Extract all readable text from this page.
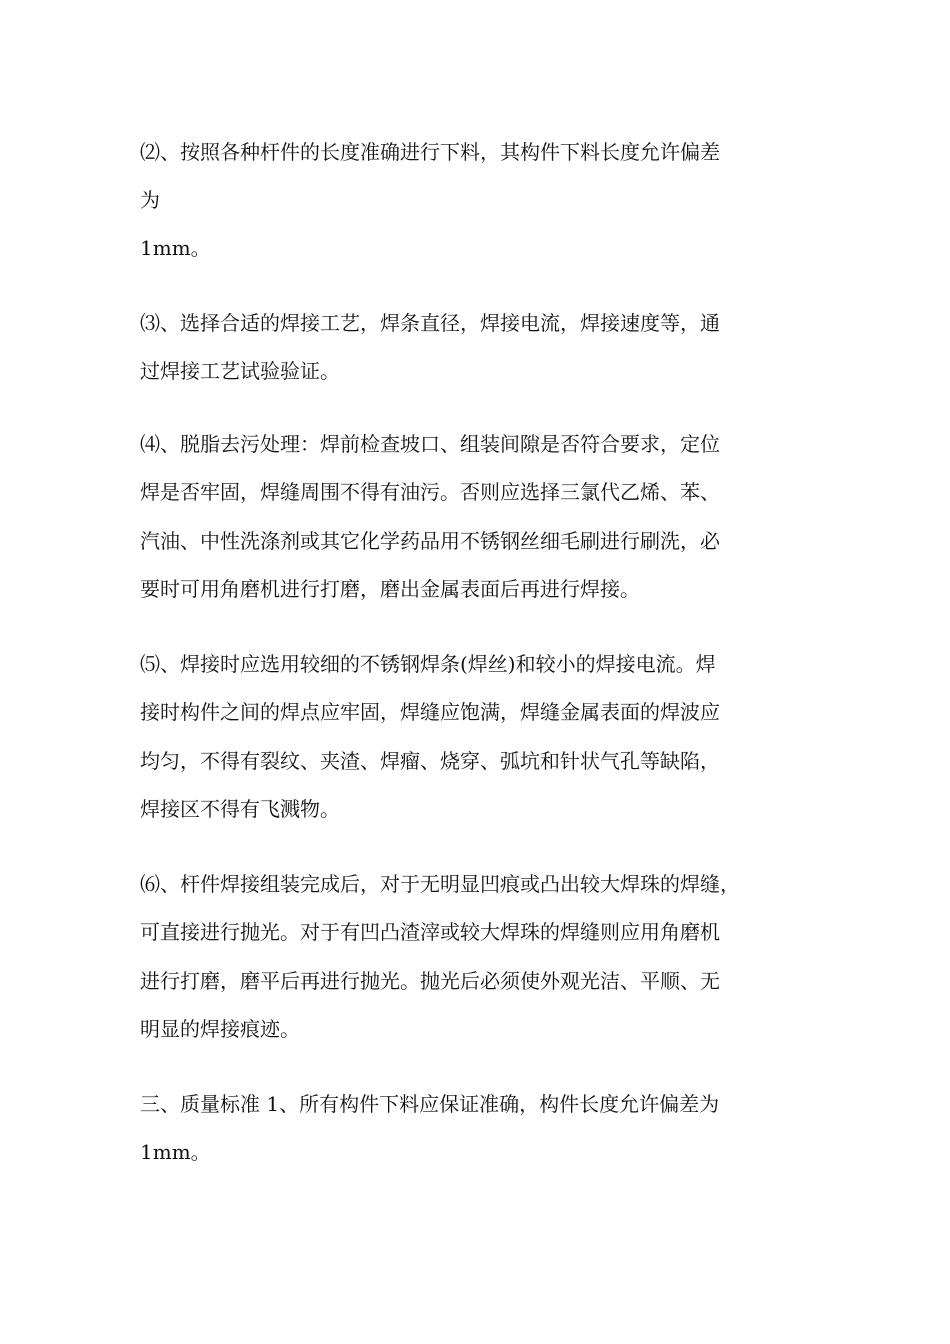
⑵、按照各种杆件的长度准确进行下料，其构件下料长度允许偏差
为
1mm。
⑶、选择合适的焊接工艺，焊条直径，焊接电流，焊接速度等，通
过焊接工艺试验验证。
⑷、脱脂去污处理：焊前检查坡口、组装间隙是否符合要求，定位
焊是否牢固，焊缝周围不得有油污。否则应选择三氯代乙烯、苯、
汽油、中性洗涤剂或其它化学药品用不锈钢丝细毛刷进行刷洗，必
要时可用角磨机进行打磨，磨出金属表面后再进行焊接。
⑸、焊接时应选用较细的不锈钢焊条(焊丝)和较小的焊接电流。焊
接时构件之间的焊点应牢固，焊缝应饱满，焊缝金属表面的焊波应
均匀，不得有裂纹、夹渣、焊瘤、烧穿、弧坑和针状气孔等缺陷，
焊接区不得有飞溅物。
⑹、杆件焊接组装完成后，对于无明显凹痕或凸出较大焊珠的焊缝，
可直接进行抛光。对于有凹凸渣滓或较大焊珠的焊缝则应用角磨机
进行打磨，磨平后再进行抛光。抛光后必须使外观光洁、平顺、无
明显的焊接痕迹。
三、质量标准 1、所有构件下料应保证准确，构件长度允许偏差为
1mm。
